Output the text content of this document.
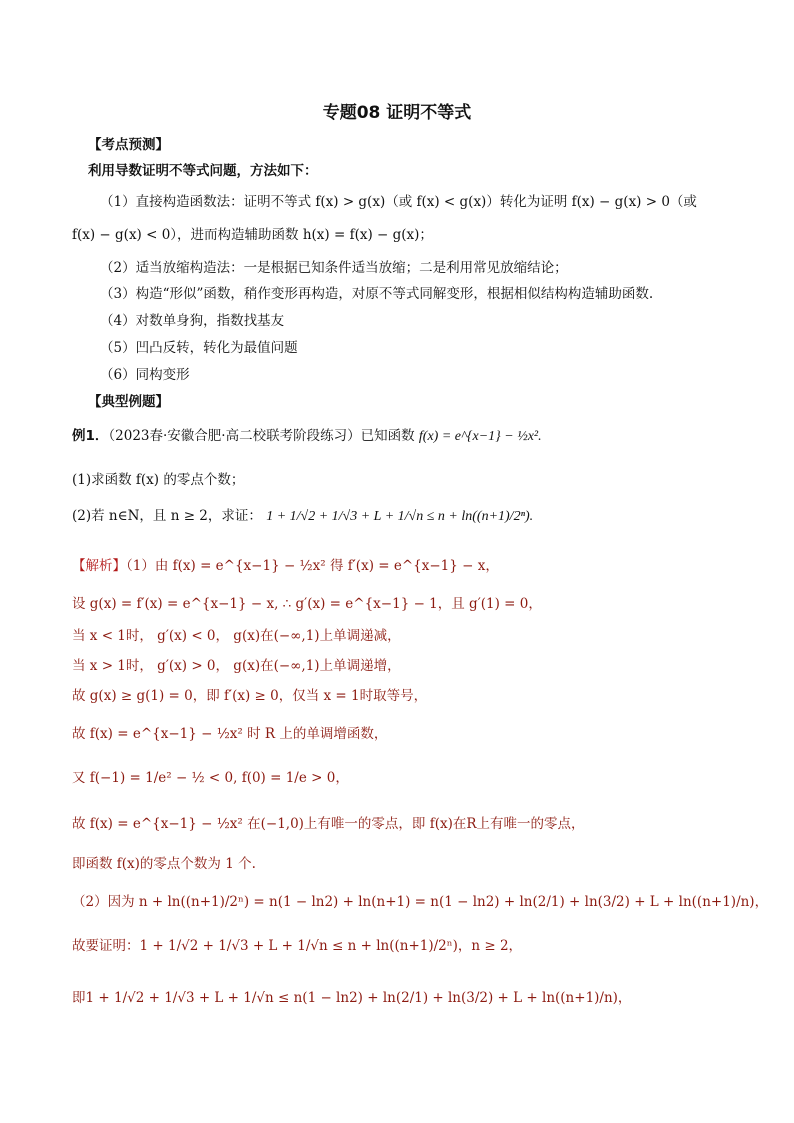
专题08 证明不等式
【考点预测】
利用导数证明不等式问题，方法如下：
（1）直接构造函数法：证明不等式 f(x) > g(x)（或 f(x) < g(x)）转化为证明 f(x) − g(x) > 0（或
f(x) − g(x) < 0），进而构造辅助函数 h(x) = f(x) − g(x)；
（2）适当放缩构造法：一是根据已知条件适当放缩；二是利用常见放缩结论；
（3）构造“形似”函数，稍作变形再构造，对原不等式同解变形，根据相似结构构造辅助函数.
（4）对数单身狗，指数找基友
（5）凹凸反转，转化为最值问题
（6）同构变形
【典型例题】
例1．（2023春·安徽合肥·高二校联考阶段练习）已知函数 f(x) = e^{x−1} − ½x².
(1)求函数 f(x) 的零点个数；
(2)若 n∈N，且 n ≥ 2，求证： 1 + 1/√2 + 1/√3 + L + 1/√n ≤ n + ln((n+1)/2ⁿ).
【解析】（1）由 f(x) = e^{x−1} − ½x² 得 f′(x) = e^{x−1} − x，
设 g(x) = f′(x) = e^{x−1} − x, ∴ g′(x) = e^{x−1} − 1，且 g′(1) = 0，
当 x < 1时， g′(x) < 0， g(x)在(−∞,1)上单调递减，
当 x > 1时， g′(x) > 0， g(x)在(−∞,1)上单调递增，
故 g(x) ≥ g(1) = 0，即 f′(x) ≥ 0，仅当 x = 1时取等号，
故 f(x) = e^{x−1} − ½x² 时 R 上的单调增函数，
又 f(−1) = 1/e² − ½ < 0, f(0) = 1/e > 0，
故 f(x) = e^{x−1} − ½x² 在(−1,0)上有唯一的零点，即 f(x)在R上有唯一的零点，
即函数 f(x)的零点个数为 1 个.
（2）因为 n + ln((n+1)/2ⁿ) = n(1 − ln2) + ln(n+1) = n(1 − ln2) + ln(2/1) + ln(3/2) + L + ln((n+1)/n)，
故要证明：1 + 1/√2 + 1/√3 + L + 1/√n ≤ n + ln((n+1)/2ⁿ)，n ≥ 2，
即1 + 1/√2 + 1/√3 + L + 1/√n ≤ n(1 − ln2) + ln(2/1) + ln(3/2) + L + ln((n+1)/n)，
